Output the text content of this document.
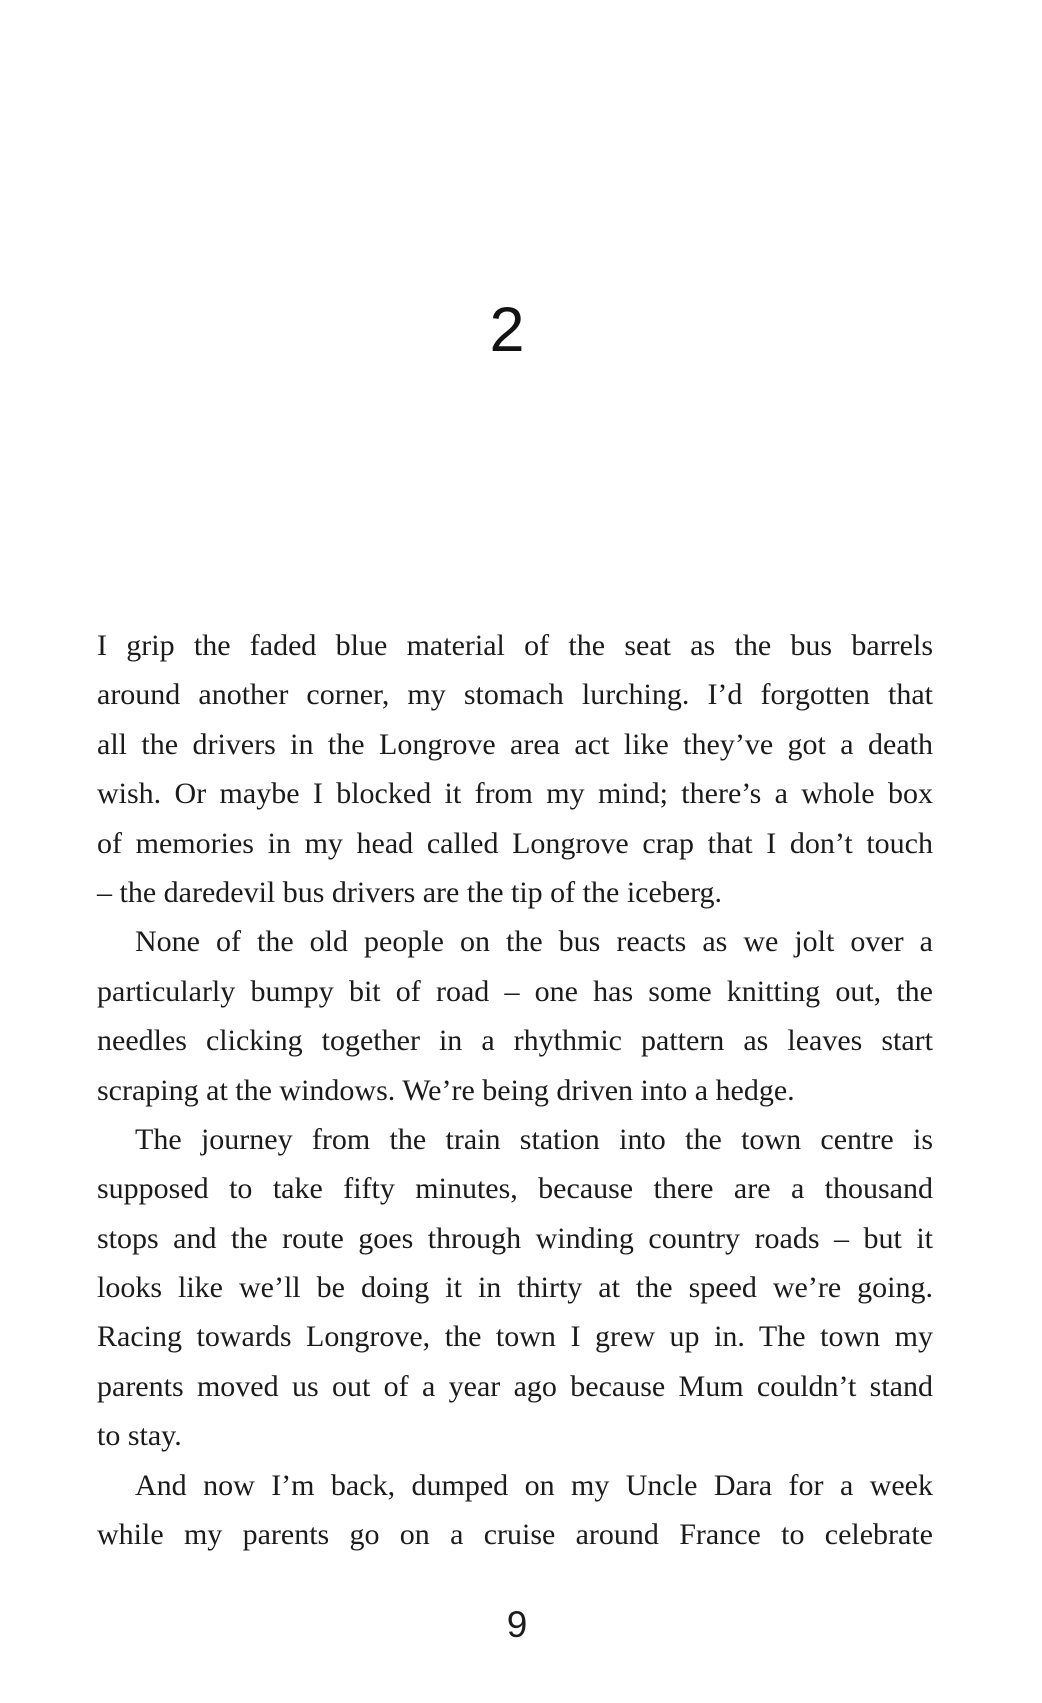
2
I grip the faded blue material of the seat as the bus barrels
around another corner, my stomach lurching. I’d forgotten that
all the drivers in the Longrove area act like they’ve got a death
wish. Or maybe I blocked it from my mind; there’s a whole box
of memories in my head called Longrove crap that I don’t touch
– the daredevil bus drivers are the tip of the iceberg.
None of the old people on the bus reacts as we jolt over a
particularly bumpy bit of road – one has some knitting out, the
needles clicking together in a rhythmic pattern as leaves start
scraping at the windows. We’re being driven into a hedge.
The journey from the train station into the town centre is
supposed to take fifty minutes, because there are a thousand
stops and the route goes through winding country roads – but it
looks like we’ll be doing it in thirty at the speed we’re going.
Racing towards Longrove, the town I grew up in. The town my
parents moved us out of a year ago because Mum couldn’t stand
to stay.
And now I’m back, dumped on my Uncle Dara for a week
while my parents go on a cruise around France to celebrate
9
